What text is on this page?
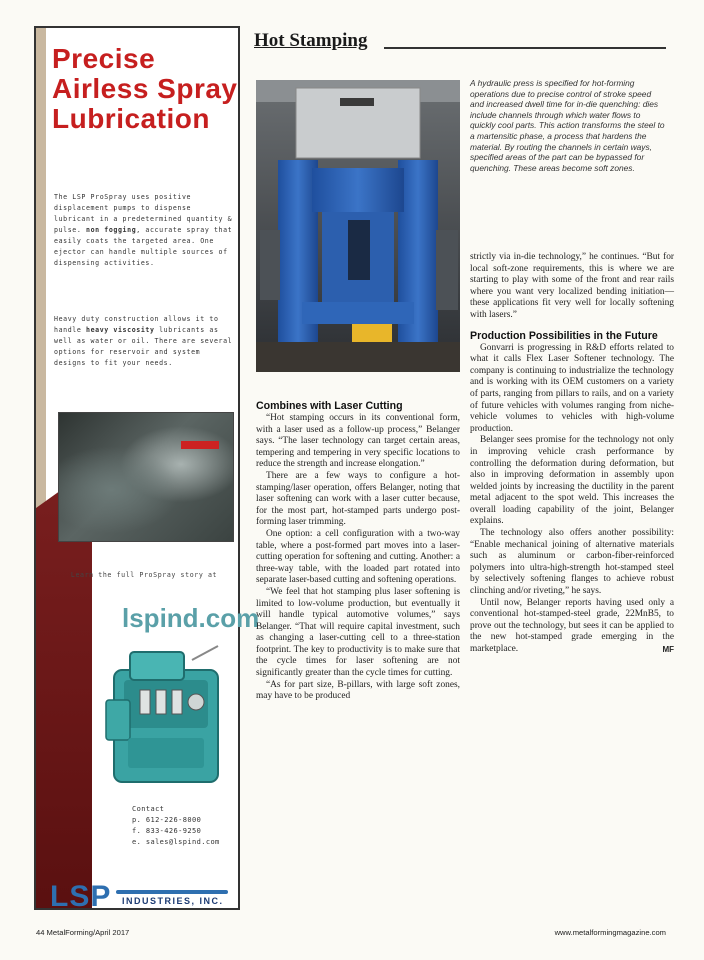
Precise
Airless Spray
Lubrication

The LSP ProSpray uses positive displacement pumps to dispense lubricant in a predetermined quantity & pulse. non fogging, accurate spray that easily coats the targeted area. One ejector can handle multiple sources of dispensing activities.

Heavy duty construction allows it to handle heavy viscosity lubricants as well as water or oil. There are several options for reservoir and system designs to fit your needs.

Learn the full ProSpray story at

lspind.com

Contact
p. 612-226-8000
f. 833-426-9250
e. sales@lspind.com

LSP INDUSTRIES, INC.

Hot Stamping

A hydraulic press is specified for hot-forming operations due to precise control of stroke speed and increased dwell time for in-die quenching: dies include channels through which water flows to quickly cool parts. This action transforms the steel to a martensitic phase, a process that hardens the material. By routing the channels in certain ways, specified areas of the part can be bypassed for quenching. These areas become soft zones.

Combines with Laser Cutting

“Hot stamping occurs in its conventional form, with a laser used as a follow-up process,” Belanger says. “The laser technology can target certain areas, tempering and tempering in very specific locations to reduce the strength and increase elongation.”

There are a few ways to configure a hot-stamping/laser operation, offers Belanger, noting that laser softening can work with a laser cutter because, for the most part, hot-stamped parts undergo post-forming laser trimming.

One option: a cell configuration with a two-way table, where a post-formed part moves into a laser-cutting operation for softening and cutting. Another: a three-way table, with the loaded part rotated into separate laser-based cutting and softening operations.

“We feel that hot stamping plus laser softening is limited to low-volume production, but eventually it will handle typical automotive volumes,” says Belanger. “That will require capital investment, such as changing a laser-cutting cell to a three-station footprint. The key to productivity is to make sure that the cycle times for laser softening are not significantly greater than the cycle times for cutting.

“As for part size, B-pillars, with large soft zones, may have to be produced

strictly via in-die technology,” he continues. “But for local soft-zone requirements, this is where we are starting to play with some of the front and rear rails where you want very localized bending initiation—these applications fit very well for locally softening with lasers.”

Production Possibilities in the Future

Gonvarri is progressing in R&D efforts related to what it calls Flex Laser Softener technology. The company is continuing to industrialize the technology and is working with its OEM customers on a variety of parts, ranging from pillars to rails, and on a variety of future vehicles with volumes ranging from niche-vehicle volumes to vehicles with high-volume production.

Belanger sees promise for the technology not only in improving vehicle crash performance by controlling the deformation during deformation, but also in improving deformation in assembly upon welded joints by increasing the ductility in the parent metal adjacent to the spot weld. This increases the overall loading capability of the joint, Belanger explains.

The technology also offers another possibility: “Enable mechanical joining of alternative materials such as aluminum or carbon-fiber-reinforced polymers into ultra-high-strength hot-stamped steel by selectively softening flanges to achieve robust clinching and/or riveting,” he says.

Until now, Belanger reports having used only a conventional hot-stamped-steel grade, 22MnB5, to prove out the technology, but sees it can be applied to the new hot-stamped grade emerging in the marketplace.	MF

44 MetalForming/April 2017	www.metalformingmagazine.com
